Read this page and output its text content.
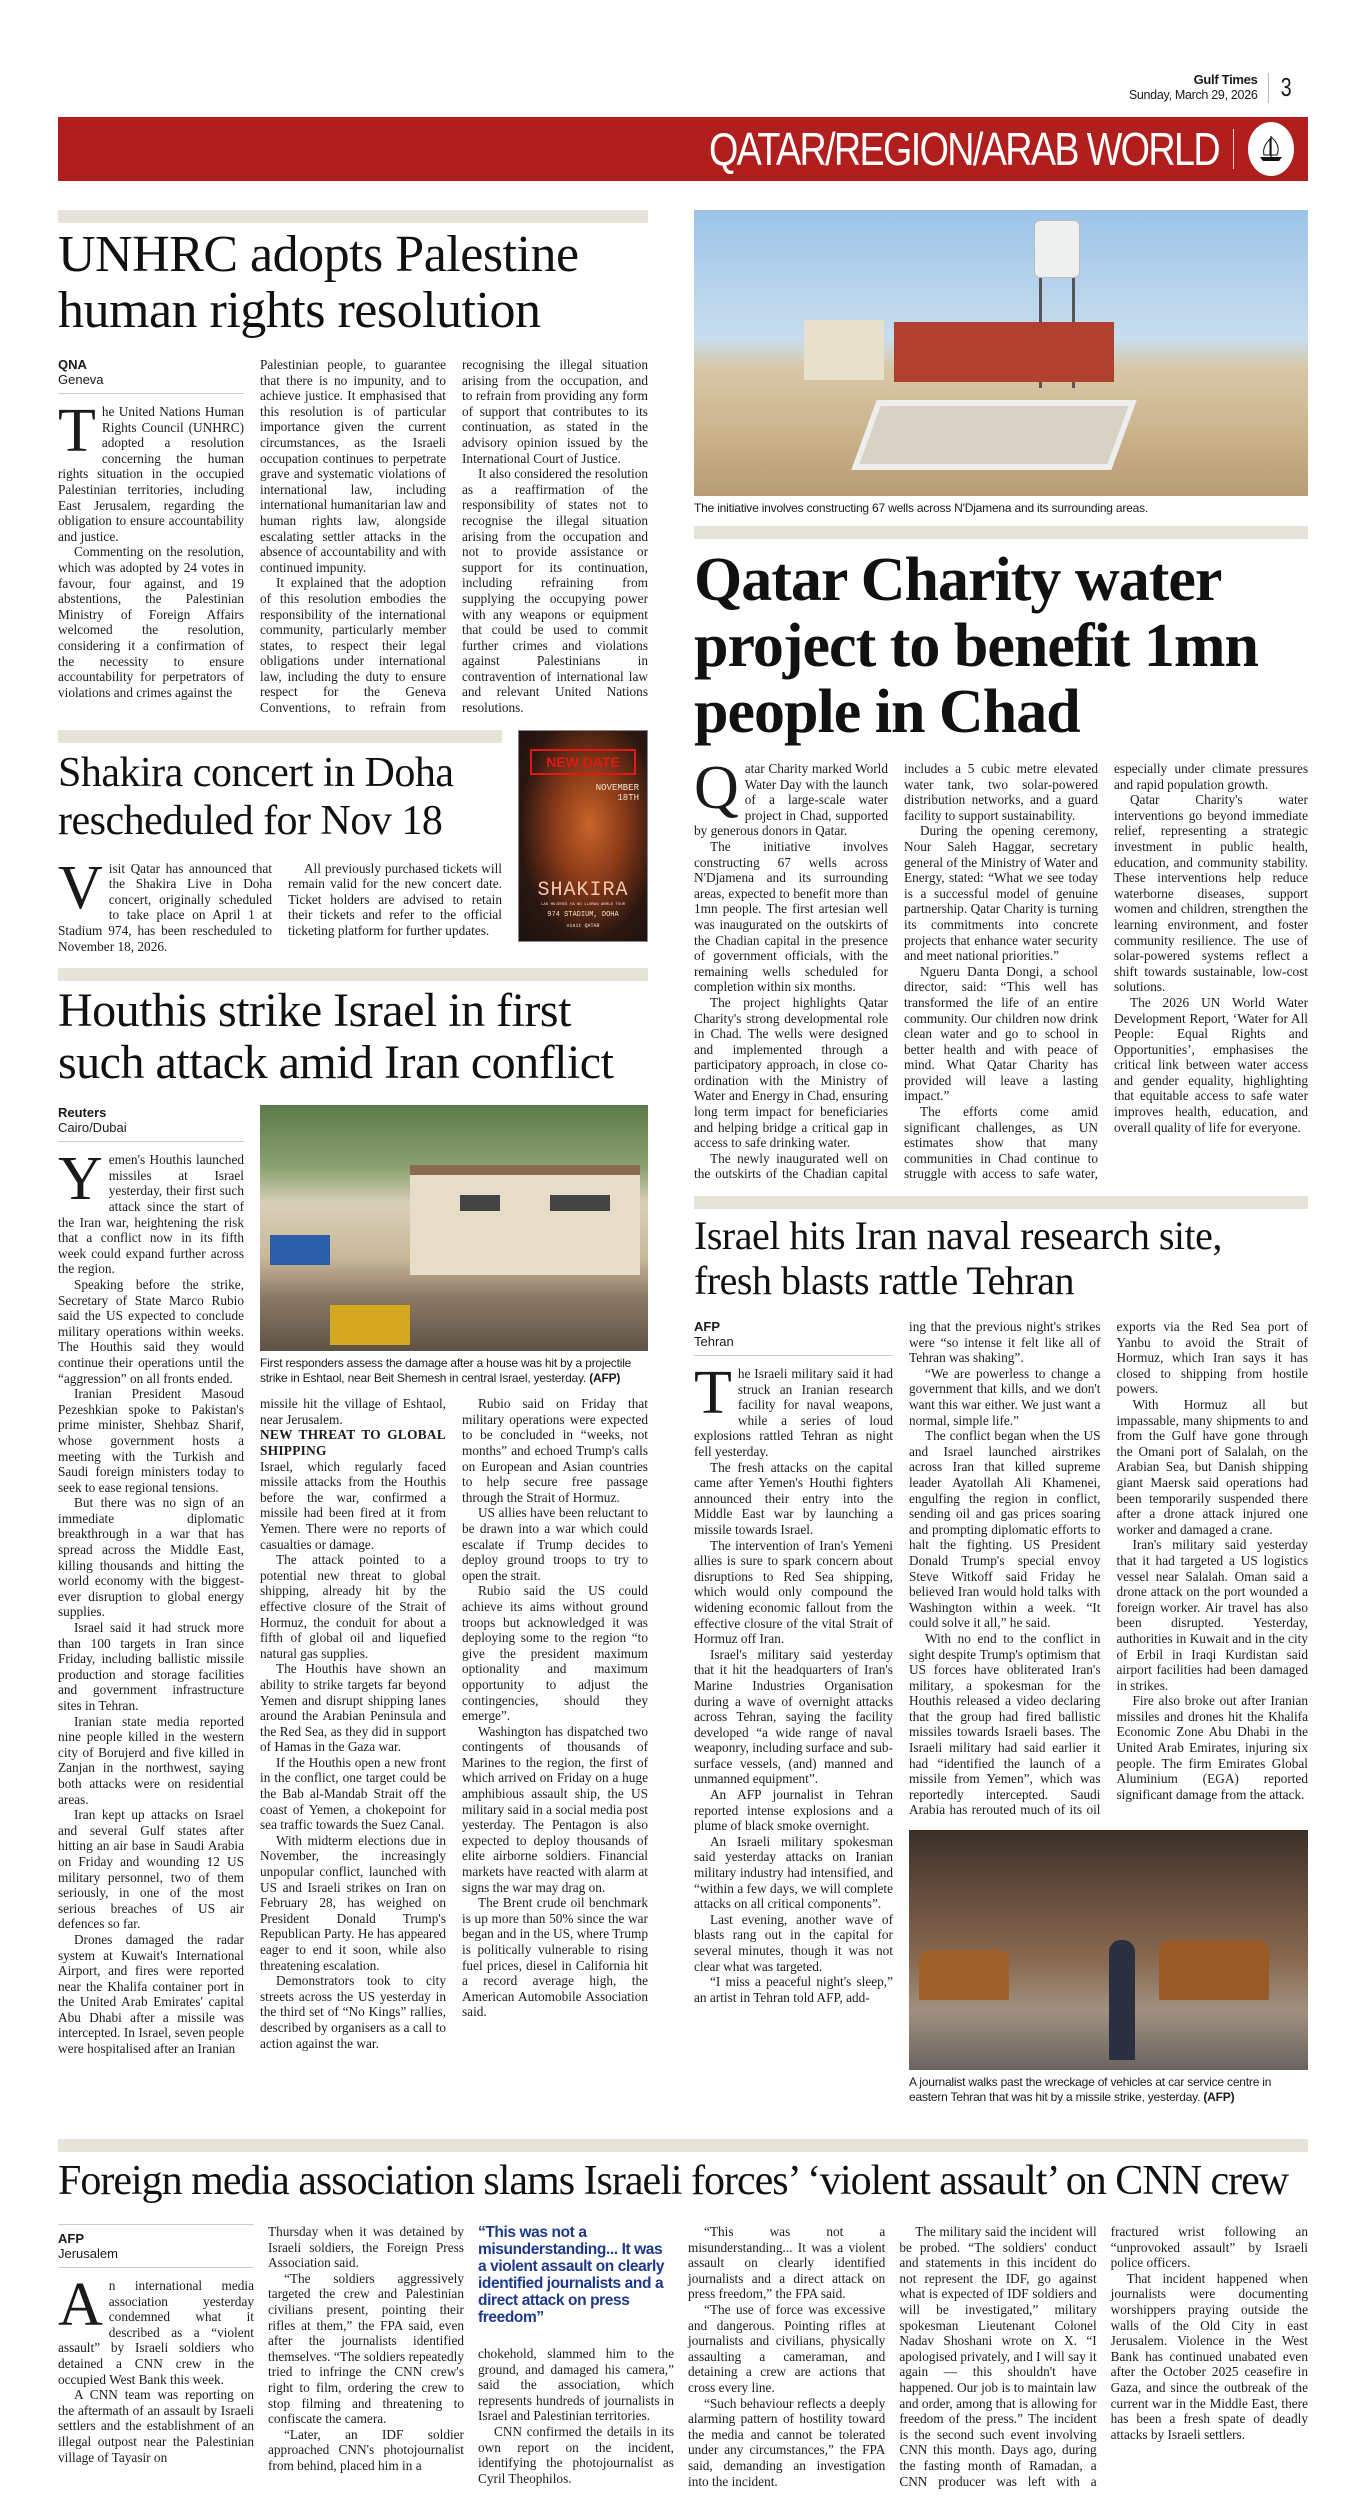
Gulf Times
Sunday, March 29, 2026 3
QATAR/REGION/ARAB WORLD
UNHRC adopts Palestine human rights resolution
QNA
Geneva

The United Nations Human Rights Council (UNHRC) adopted a resolution concerning the human rights situation in the occupied Palestinian territories, including East Jerusalem, regarding the obligation to ensure accountability and justice.

Commenting on the resolution, which was adopted by 24 votes in favour, four against, and 19 abstentions, the Palestinian Ministry of Foreign Affairs welcomed the resolution, considering it a confirmation of the necessity to ensure accountability for perpetrators of violations and crimes against the

Palestinian people, to guarantee that there is no impunity, and to achieve justice. It emphasised that this resolution is of particular importance given the current circumstances, as the Israeli occupation continues to perpetrate grave and systematic violations of international law, including international humanitarian law and human rights law, alongside escalating settler attacks in the absence of accountability and with continued impunity.

It explained that the adoption of this resolution embodies the responsibility of the international community, particularly member states, to respect their legal obligations under international law, including the duty to ensure respect for the Geneva Conventions, to refrain from recognising the illegal situation arising from the occupation, and to refrain from providing any form of support that contributes to its continuation, as stated in the advisory opinion issued by the International Court of Justice.

It also considered the resolution as a reaffirmation of the responsibility of states not to recognise the illegal situation arising from the occupation and not to provide assistance or support for its continuation, including refraining from supplying the occupying power with any weapons or equipment that could be used to commit further crimes and violations against Palestinians in contravention of international law and relevant United Nations resolutions.

Shakira concert in Doha rescheduled for Nov 18

Visit Qatar has announced that the Shakira Live in Doha concert, originally scheduled to take place on April 1 at Stadium 974, has been rescheduled to November 18, 2026.

All previously purchased tickets will remain valid for the new concert date. Ticket holders are advised to retain their tickets and refer to the official ticketing platform for further updates.

NEW DATE
NOVEMBER
18TH
SHAKIRA
LAS MUJERES YA NO LLORAN WORLD TOUR
974 STADIUM, DOHA
visit QATAR
Houthis strike Israel in first such attack amid Iran conflict
Reuters
Cairo/Dubai

Yemen's Houthis launched missiles at Israel yesterday, their first such attack since the start of the Iran war, heightening the risk that a conflict now in its fifth week could expand further across the region.

Speaking before the strike, Secretary of State Marco Rubio said the US expected to conclude military operations within weeks. The Houthis said they would continue their operations until the “aggression” on all fronts ended.

Iranian President Masoud Pezeshkian spoke to Pakistan's prime minister, Shehbaz Sharif, whose government hosts a meeting with the Turkish and Saudi foreign ministers today to seek to ease regional tensions.

But there was no sign of an immediate diplomatic breakthrough in a war that has spread across the Middle East, killing thousands and hitting the world economy with the biggest-ever disruption to global energy supplies.

Israel said it had struck more than 100 targets in Iran since Friday, including ballistic missile production and storage facilities and government infrastructure sites in Tehran.

Iranian state media reported nine people killed in the western city of Borujerd and five killed in Zanjan in the northwest, saying both attacks were on residential areas.

Iran kept up attacks on Israel and several Gulf states after hitting an air base in Saudi Arabia on Friday and wounding 12 US military personnel, two of them seriously, in one of the most serious breaches of US air defences so far.

Drones damaged the radar system at Kuwait's International Airport, and fires were reported near the Khalifa container port in the United Arab Emirates' capital Abu Dhabi after a missile was intercepted. In Israel, seven people were hospitalised after an Iranian

First responders assess the damage after a house was hit by a projectile strike in Eshtaol, near Beit Shemesh in central Israel, yesterday. (AFP)

missile hit the village of Eshtaol, near Jerusalem.

NEW THREAT TO GLOBAL SHIPPING

Israel, which regularly faced missile attacks from the Houthis before the war, confirmed a missile had been fired at it from Yemen. There were no reports of casualties or damage.

The attack pointed to a potential new threat to global shipping, already hit by the effective closure of the Strait of Hormuz, the conduit for about a fifth of global oil and liquefied natural gas supplies.

The Houthis have shown an ability to strike targets far beyond Yemen and disrupt shipping lanes around the Arabian Peninsula and the Red Sea, as they did in support of Hamas in the Gaza war.

If the Houthis open a new front in the conflict, one target could be the Bab al-Mandab Strait off the coast of Yemen, a chokepoint for sea traffic towards the Suez Canal.

With midterm elections due in November, the increasingly unpopular conflict, launched with US and Israeli strikes on Iran on February 28, has weighed on President Donald Trump's Republican Party. He has appeared eager to end it soon, while also threatening escalation.

Demonstrators took to city streets across the US yesterday in the third set of “No Kings” rallies, described by organisers as a call to action against the war.

Rubio said on Friday that military operations were expected to be concluded in “weeks, not months” and echoed Trump's calls on European and Asian countries to help secure free passage through the Strait of Hormuz.

US allies have been reluctant to be drawn into a war which could escalate if Trump decides to deploy ground troops to try to open the strait.

Rubio said the US could achieve its aims without ground troops but acknowledged it was deploying some to the region “to give the president maximum optionality and maximum opportunity to adjust the contingencies, should they emerge”.

Washington has dispatched two contingents of thousands of Marines to the region, the first of which arrived on Friday on a huge amphibious assault ship, the US military said in a social media post yesterday. The Pentagon is also expected to deploy thousands of elite airborne soldiers. Financial markets have reacted with alarm at signs the war may drag on.

The Brent crude oil benchmark is up more than 50% since the war began and in the US, where Trump is politically vulnerable to rising fuel prices, diesel in California hit a record average high, the American Automobile Association said.

The initiative involves constructing 67 wells across N'Djamena and its surrounding areas.
Qatar Charity water project to benefit 1mn people in Chad

Qatar Charity marked World Water Day with the launch of a large-scale water project in Chad, supported by generous donors in Qatar.

The initiative involves constructing 67 wells across N'Djamena and its surrounding areas, expected to benefit more than 1mn people. The first artesian well was inaugurated on the outskirts of the Chadian capital in the presence of government officials, with the remaining wells scheduled for completion within six months.

The project highlights Qatar Charity's strong developmental role in Chad. The wells were designed and implemented through a participatory approach, in close co-ordination with the Ministry of Water and Energy in Chad, ensuring long term impact for beneficiaries and helping bridge a critical gap in access to safe drinking water.

The newly inaugurated well on the outskirts of the Chadian capital includes a 5 cubic metre elevated water tank, two solar-powered distribution networks, and a guard facility to support sustainability.

During the opening ceremony, Nour Saleh Haggar, secretary general of the Ministry of Water and Energy, stated: “What we see today is a successful model of genuine partnership. Qatar Charity is turning its commitments into concrete projects that enhance water security and meet national priorities.”

Ngueru Danta Dongi, a school director, said: “This well has transformed the life of an entire community. Our children now drink clean water and go to school in better health and with peace of mind. What Qatar Charity has provided will leave a lasting impact.”

The efforts come amid significant challenges, as UN estimates show that many communities in Chad continue to struggle with access to safe water, especially under climate pressures and rapid population growth.

Qatar Charity's water interventions go beyond immediate relief, representing a strategic investment in public health, education, and community stability. These interventions help reduce waterborne diseases, support women and children, strengthen the learning environment, and foster community resilience. The use of solar-powered systems reflect a shift towards sustainable, low-cost solutions.

The 2026 UN World Water Development Report, ‘Water for All People: Equal Rights and Opportunities’, emphasises the critical link between water access and gender equality, highlighting that equitable access to safe water improves health, education, and overall quality of life for everyone.

Israel hits Iran naval research site, fresh blasts rattle Tehran
AFP
Tehran

The Israeli military said it had struck an Iranian research facility for naval weapons, while a series of loud explosions rattled Tehran as night fell yesterday.

The fresh attacks on the capital came after Yemen's Houthi fighters announced their entry into the Middle East war by launching a missile towards Israel.

The intervention of Iran's Yemeni allies is sure to spark concern about disruptions to Red Sea shipping, which would only compound the widening economic fallout from the effective closure of the vital Strait of Hormuz off Iran.

Israel's military said yesterday that it hit the headquarters of Iran's Marine Industries Organisation during a wave of overnight attacks across Tehran, saying the facility developed “a wide range of naval weaponry, including surface and sub-surface vessels, (and) manned and unmanned equipment”.

An AFP journalist in Tehran reported intense explosions and a plume of black smoke overnight.

An Israeli military spokesman said yesterday attacks on Iranian military industry had intensified, and “within a few days, we will complete attacks on all critical components”.

Last evening, another wave of blasts rang out in the capital for several minutes, though it was not clear what was targeted.

“I miss a peaceful night's sleep,” an artist in Tehran told AFP, add-

ing that the previous night's strikes were “so intense it felt like all of Tehran was shaking”.

“We are powerless to change a government that kills, and we don't want this war either. We just want a normal, simple life.”

The conflict began when the US and Israel launched airstrikes across Iran that killed supreme leader Ayatollah Ali Khamenei, engulfing the region in conflict, sending oil and gas prices soaring and prompting diplomatic efforts to halt the fighting. US President Donald Trump's special envoy Steve Witkoff said Friday he believed Iran would hold talks with Washington within a week. “It could solve it all,” he said.

With no end to the conflict in sight despite Trump's optimism that US forces have obliterated Iran's military, a spokesman for the Houthis released a video declaring that the group had fired ballistic missiles towards Israeli bases. The Israeli military had said earlier it had “identified the launch of a missile from Yemen”, which was reportedly intercepted. Saudi Arabia has rerouted much of its oil exports via the Red Sea port of Yanbu to avoid the Strait of Hormuz, which Iran says it has closed to shipping from hostile powers.

With Hormuz all but impassable, many shipments to and from the Gulf have gone through the Omani port of Salalah, on the Arabian Sea, but Danish shipping giant Maersk said operations had been temporarily suspended there after a drone attack injured one worker and damaged a crane.

Iran's military said yesterday that it had targeted a US logistics vessel near Salalah. Oman said a drone attack on the port wounded a foreign worker. Air travel has also been disrupted. Yesterday, authorities in Kuwait and in the city of Erbil in Iraqi Kurdistan said airport facilities had been damaged in strikes.

Fire also broke out after Iranian missiles and drones hit the Khalifa Economic Zone Abu Dhabi in the United Arab Emirates, injuring six people. The firm Emirates Global Aluminium (EGA) reported significant damage from the attack.

A journalist walks past the wreckage of vehicles at car service centre in eastern Tehran that was hit by a missile strike, yesterday. (AFP)
Foreign media association slams Israeli forces’ ‘violent assault’ on CNN crew
AFP
Jerusalem

An international media association yesterday condemned what it described as a “violent assault” by Israeli soldiers who detained a CNN crew in the occupied West Bank this week.

A CNN team was reporting on the aftermath of an assault by Israeli settlers and the establishment of an illegal outpost near the Palestinian village of Tayasir on

Thursday when it was detained by Israeli soldiers, the Foreign Press Association said.

“The soldiers aggressively targeted the crew and Palestinian civilians present, pointing their rifles at them,” the FPA said, even after the journalists identified themselves. “The soldiers repeatedly tried to infringe the CNN crew's right to film, ordering the crew to stop filming and threatening to confiscate the camera.

“Later, an IDF soldier approached CNN's photojournalist from behind, placed him in a

“This was not a misunderstanding... It was a violent assault on clearly identified journalists and a direct attack on press freedom”

chokehold, slammed him to the ground, and damaged his camera,” said the association, which represents hundreds of journalists in Israel and Palestinian territories.

CNN confirmed the details in its own report on the incident, identifying the photojournalist as Cyril Theophilos.

“This was not a misunderstanding... It was a violent assault on clearly identified journalists and a direct attack on press freedom,” the FPA said.

“The use of force was excessive and dangerous. Pointing rifles at journalists and civilians, physically assaulting a cameraman, and detaining a crew are actions that cross every line.

“Such behaviour reflects a deeply alarming pattern of hostility toward the media and cannot be tolerated under any circumstances,” the FPA said, demanding an investigation into the incident.

The military said the incident will be probed. “The soldiers' conduct and statements in this incident do not represent the IDF, go against what is expected of IDF soldiers and will be investigated,” military spokesman Lieutenant Colonel Nadav Shoshani wrote on X. “I apologised privately, and I will say it again — this shouldn't have happened. Our job is to maintain law and order, among that is allowing for freedom of the press.” The incident is the second such event involving CNN this month. Days ago, during the fasting month of Ramadan, a CNN producer was left with a fractured wrist following an “unprovoked assault” by Israeli police officers.

That incident happened when journalists were documenting worshippers praying outside the walls of the Old City in east Jerusalem. Violence in the West Bank has continued unabated even after the October 2025 ceasefire in Gaza, and since the outbreak of the current war in the Middle East, there has been a fresh spate of deadly attacks by Israeli settlers.
